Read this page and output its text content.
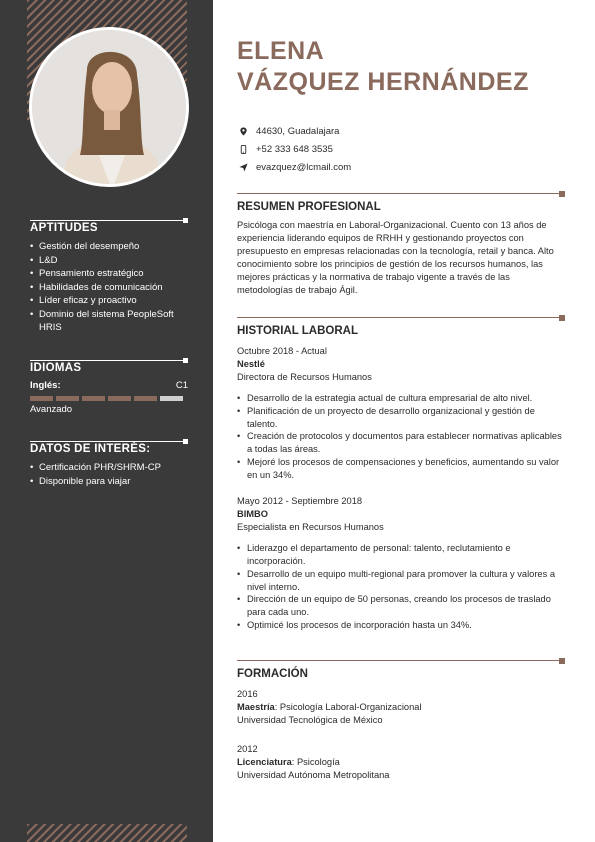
APTITUDES
• Gestión del desempeño
• L&D
• Pensamiento estratégico
• Habilidades de comunicación
• Líder eficaz y proactivo
• Dominio del sistema PeopleSoft HRIS
IDIOMAS
Inglés:	C1
Avanzado
DATOS DE INTERÉS:
• Certificación PHR/SHRM-CP
• Disponible para viajar
ELENA
VÁZQUEZ HERNÁNDEZ
44630, Guadalajara
+52 333 648 3535
evazquez@lcmail.com
RESUMEN PROFESIONAL
Psicóloga con maestría en Laboral-Organizacional. Cuento con 13 años de experiencia liderando equipos de RRHH y gestionando proyectos con presupuesto en empresas relacionadas con la tecnología, retail y banca. Alto conocimiento sobre los principios de gestión de los recursos humanos, las mejores prácticas y la normativa de trabajo vigente a través de las metodologías de trabajo Ágil.
HISTORIAL LABORAL
Octubre 2018 - Actual
Nestlé
Directora de Recursos Humanos
• Desarrollo de la estrategia actual de cultura empresarial de alto nivel.
• Planificación de un proyecto de desarrollo organizacional y gestión de talento.
• Creación de protocolos y documentos para establecer normativas aplicables a todas las áreas.
• Mejoré los procesos de compensaciones y beneficios, aumentando su valor en un 34%.
Mayo 2012 - Septiembre 2018
BIMBO
Especialista en Recursos Humanos
• Liderazgo el departamento de personal: talento, reclutamiento e incorporación.
• Desarrollo de un equipo multi-regional para promover la cultura y valores a nivel interno.
• Dirección de un equipo de 50 personas, creando los procesos de traslado para cada uno.
• Optimicé los procesos de incorporación hasta un 34%.
FORMACIÓN
2016
Maestría: Psicología Laboral-Organizacional
Universidad Tecnológica de México
2012
Licenciatura: Psicología
Universidad Autónoma Metropolitana
